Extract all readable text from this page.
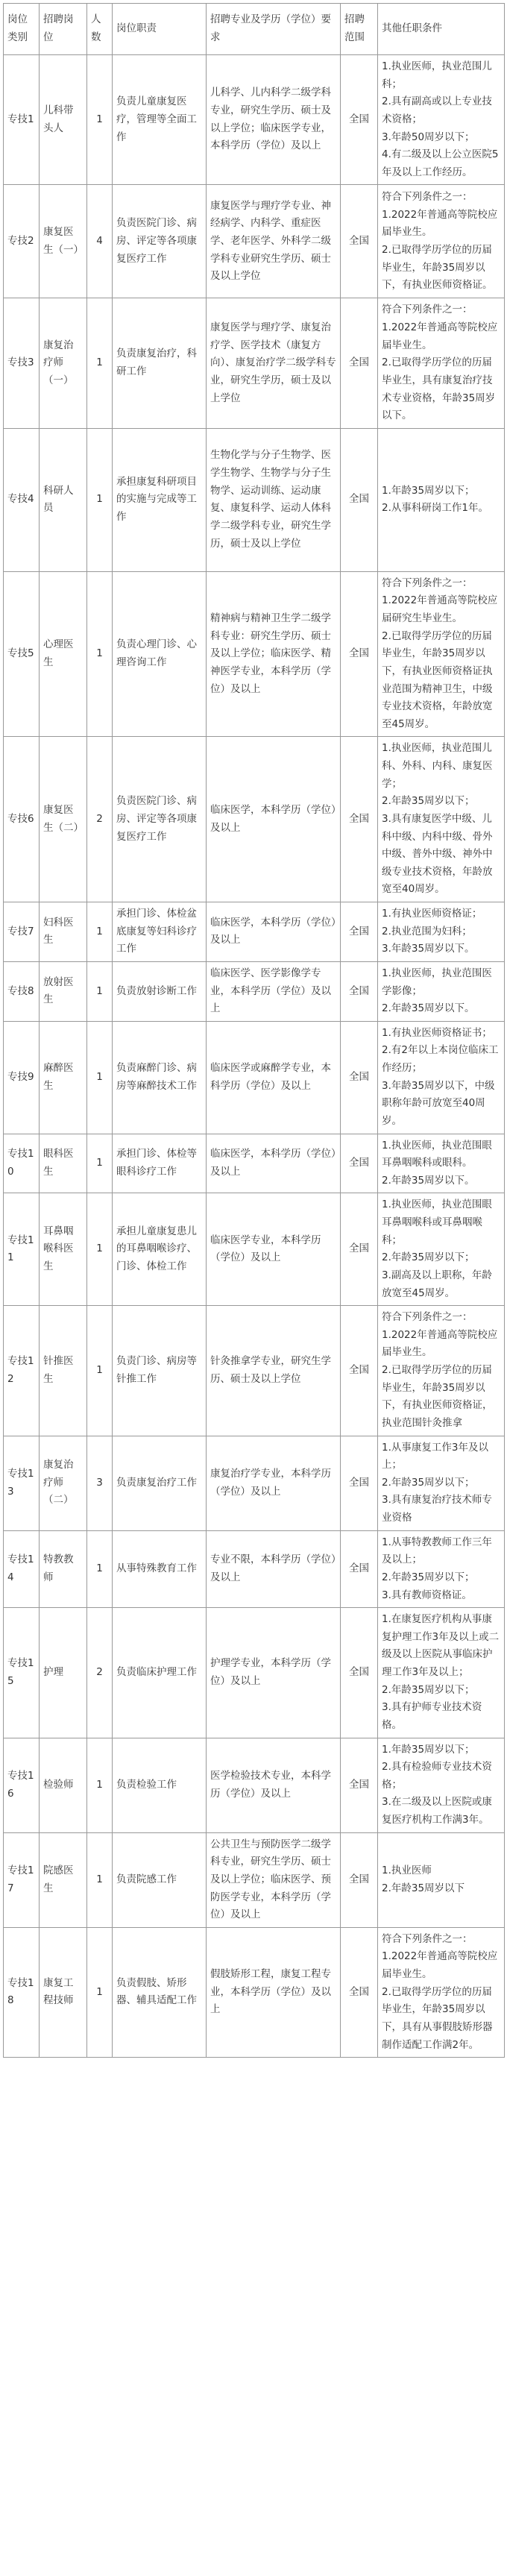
岗位类别	招聘岗位	人数	岗位职责	招聘专业及学历（学位）要求	招聘范围	其他任职条件
专技1	儿科带头人	1	负责儿童康复医疗，管理等全面工作	儿科学、儿内科学二级学科专业，研究生学历、硕士及以上学位；临床医学专业，本科学历（学位）及以上	全国	1.执业医师，执业范围儿科；
2.具有副高或以上专业技术资格；
3.年龄50周岁以下；
4.有二级及以上公立医院5年及以上工作经历。

专技2	康复医生（一）	4	负责医院门诊、病房、评定等各项康复医疗工作	康复医学与理疗学专业、神经病学、内科学、重症医学、老年医学、外科学二级学科专业研究生学历、硕士及以上学位	全国	符合下列条件之一：
1.2022年普通高等院校应届毕业生。
2.已取得学历学位的历届毕业生，年龄35周岁以下，有执业医师资格证。

专技3	康复治疗师（一）	1	负责康复治疗，科研工作	康复医学与理疗学、康复治疗学、医学技术（康复方向）、康复治疗学二级学科专业，研究生学历，硕士及以上学位	全国	符合下列条件之一：
1.2022年普通高等院校应届毕业生。
2.已取得学历学位的历届毕业生，具有康复治疗技术专业资格，年龄35周岁以下。

专技4	科研人员	1	承担康复科研项目的实施与完成等工作	生物化学与分子生物学、医学生物学、生物学与分子生物学、运动训练、运动康复、康复科学、运动人体科学二级学科专业，研究生学历，硕士及以上学位	全国	1.年龄35周岁以下；
2.从事科研岗工作1年。

专技5	心理医生	1	负责心理门诊、心理咨询工作	精神病与精神卫生学二级学科专业：研究生学历、硕士及以上学位；临床医学、精神医学专业，本科学历（学位）及以上	全国	符合下列条件之一：
1.2022年普通高等院校应届研究生毕业生。
2.已取得学历学位的历届毕业生，年龄35周岁以下，有执业医师资格证执业范围为精神卫生，中级专业技术资格，年龄放宽至45周岁。

专技6	康复医生（二）	2	负责医院门诊、病房、评定等各项康复医疗工作	临床医学，本科学历（学位）及以上	全国	1.执业医师，执业范围儿科、外科、内科、康复医学；
2.年龄35周岁以下；
3.具有康复医学中级、儿科中级、内科中级、骨外中级、普外中级、神外中级专业技术资格，年龄放宽至40周岁。

专技7	妇科医生	1	承担门诊、体检盆底康复等妇科诊疗工作	临床医学，本科学历（学位）及以上	全国	1.有执业医师资格证；
2.执业范围为妇科；
3.年龄35周岁以下。

专技8	放射医生	1	负责放射诊断工作	临床医学、医学影像学专业，本科学历（学位）及以上	全国	1.执业医师，执业范围医学影像；
2.年龄35周岁以下。

专技9	麻醉医生	1	负责麻醉门诊、病房等麻醉技术工作	临床医学或麻醉学专业，本科学历（学位）及以上	全国	1.有执业医师资格证书；
2.有2年以上本岗位临床工作经历；
3.年龄35周岁以下，中级职称年龄可放宽至40周岁。

专技10	眼科医生	1	承担门诊、体检等眼科诊疗工作	临床医学，本科学历（学位）及以上	全国	1.执业医师，执业范围眼耳鼻咽喉科或眼科。
2.年龄35周岁以下。

专技11	耳鼻咽喉科医生	1	承担儿童康复患儿的耳鼻咽喉诊疗、门诊、体检工作	临床医学专业，本科学历（学位）及以上	全国	1.执业医师，执业范围眼耳鼻咽喉科或耳鼻咽喉科；
2.年龄35周岁以下；
3.副高及以上职称，年龄放宽至45周岁。

专技12	针推医生	1	负责门诊、病房等针推工作	针灸推拿学专业，研究生学历、硕士及以上学位	全国	符合下列条件之一：
1.2022年普通高等院校应届毕业生。
2.已取得学历学位的历届毕业生，年龄35周岁以下，有执业医师资格证，执业范围针灸推拿

专技13	康复治疗师（二）	3	负责康复治疗工作	康复治疗学专业，本科学历（学位）及以上	全国	1.从事康复工作3年及以上；
2.年龄35周岁以下；
3.具有康复治疗技术师专业资格

专技14	特教教师	1	从事特殊教育工作	专业不限，本科学历（学位）及以上	全国	1.从事特教教师工作三年及以上；
2.年龄35周岁以下；
3.具有教师资格证。

专技15	护理	2	负责临床护理工作	护理学专业，本科学历（学位）及以上	全国	1.在康复医疗机构从事康复护理工作3年及以上或二级及以上医院从事临床护理工作3年及以上；
2.年龄35周岁以下；
3.具有护师专业技术资格。

专技16	检验师	1	负责检验工作	医学检验技术专业，本科学历（学位）及以上	全国	1.年龄35周岁以下；
2.具有检验师专业技术资格；
3.在二级及以上医院或康复医疗机构工作满3年。

专技17	院感医生	1	负责院感工作	公共卫生与预防医学二级学科专业，研究生学历、硕士及以上学位；临床医学、预防医学专业，本科学历（学位）及以上	全国	1.执业医师
2.年龄35周岁以下

专技18	康复工程技师	1	负责假肢、矫形器、辅具适配工作	假肢矫形工程，康复工程专业，本科学历（学位）及以上	全国	符合下列条件之一：
1.2022年普通高等院校应届毕业生。
2.已取得学历学位的历届毕业生，年龄35周岁以下，具有从事假肢矫形器制作适配工作满2年。
